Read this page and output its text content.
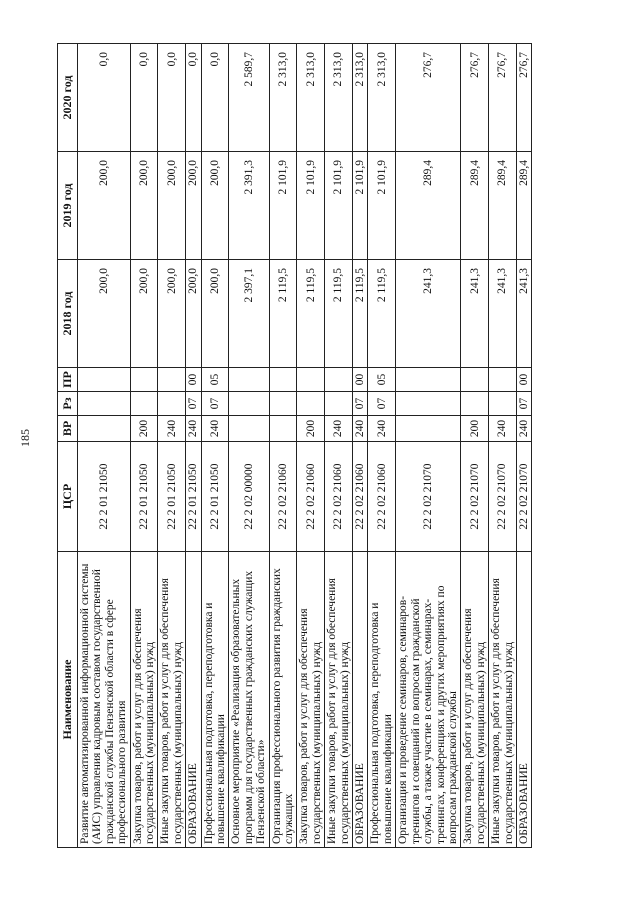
185
Наименование	ЦСР	ВР	Рз	ПР	2018 год	2019 год	2020 год
Развитие автоматизированной информационной системы (АИС) управления кадровым составом государственной гражданской службы Пензенской области в сфере профессионального развития	22 2 01 21050				200,0	200,0	0,0
Закупка товаров, работ и услуг для обеспечения государственных (муниципальных) нужд	22 2 01 21050	200			200,0	200,0	0,0
Иные закупки товаров, работ и услуг для обеспечения государственных (муниципальных) нужд	22 2 01 21050	240			200,0	200,0	0,0
ОБРАЗОВАНИЕ	22 2 01 21050	240	07	00	200,0	200,0	0,0
Профессиональная подготовка, переподготовка и повышение квалификации	22 2 01 21050	240	07	05	200,0	200,0	0,0
Основное мероприятие «Реализация образовательных программ для государственных гражданских служащих Пензенской области»	22 2 02 00000				2 397,1	2 391,3	2 589,7
Организация профессионального развития гражданских служащих	22 2 02 21060				2 119,5	2 101,9	2 313,0
Закупка товаров, работ и услуг для обеспечения государственных (муниципальных) нужд	22 2 02 21060	200			2 119,5	2 101,9	2 313,0
Иные закупки товаров, работ и услуг для обеспечения государственных (муниципальных) нужд	22 2 02 21060	240			2 119,5	2 101,9	2 313,0
ОБРАЗОВАНИЕ	22 2 02 21060	240	07	00	2 119,5	2 101,9	2 313,0
Профессиональная подготовка, переподготовка и повышение квалификации	22 2 02 21060	240	07	05	2 119,5	2 101,9	2 313,0
Организация и проведение семинаров, семинаров-тренингов и совещаний по вопросам гражданской службы, а также участие в семинарах, семинарах-тренингах, конференциях и других мероприятиях по вопросам гражданской службы	22 2 02 21070				241,3	289,4	276,7
Закупка товаров, работ и услуг для обеспечения государственных (муниципальных) нужд	22 2 02 21070	200			241,3	289,4	276,7
Иные закупки товаров, работ и услуг для обеспечения государственных (муниципальных) нужд	22 2 02 21070	240			241,3	289,4	276,7
ОБРАЗОВАНИЕ	22 2 02 21070	240	07	00	241,3	289,4	276,7
